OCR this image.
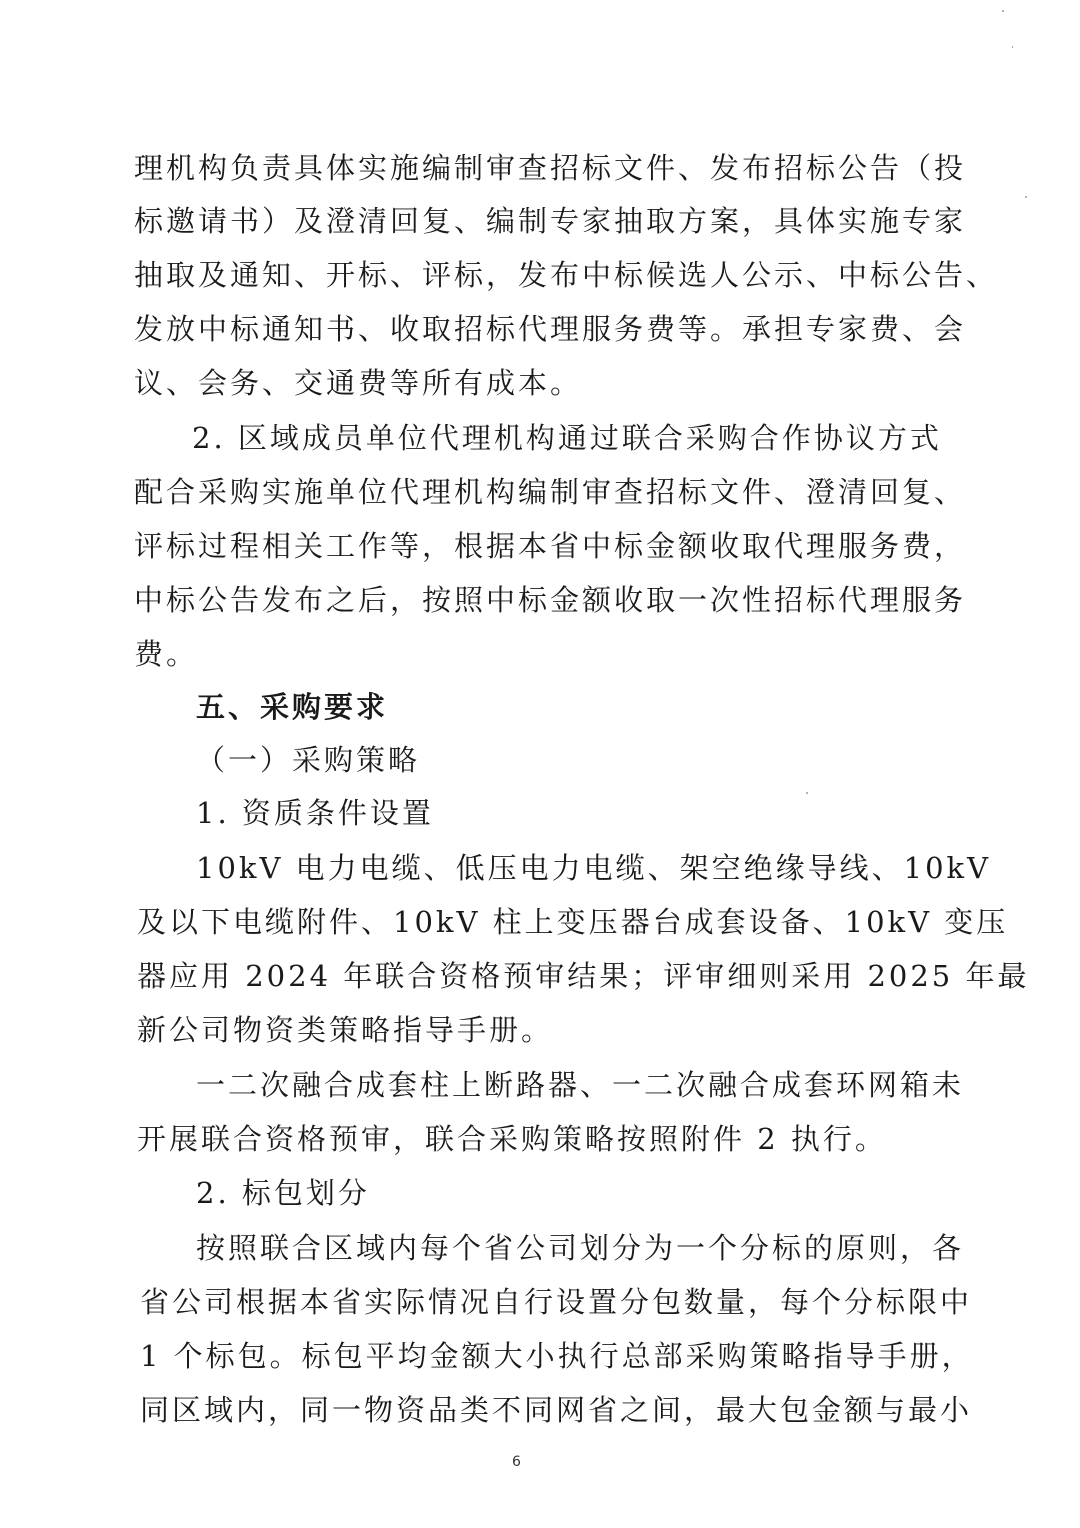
理机构负责具体实施编制审查招标文件、发布招标公告（投
标邀请书）及澄清回复、编制专家抽取方案，具体实施专家
抽取及通知、开标、评标，发布中标候选人公示、中标公告、
发放中标通知书、收取招标代理服务费等。承担专家费、会
议、会务、交通费等所有成本。
2. 区域成员单位代理机构通过联合采购合作协议方式
配合采购实施单位代理机构编制审查招标文件、澄清回复、
评标过程相关工作等，根据本省中标金额收取代理服务费，
中标公告发布之后，按照中标金额收取一次性招标代理服务
费。
五、采购要求
（一）采购策略
1. 资质条件设置
10kV 电力电缆、低压电力电缆、架空绝缘导线、10kV
及以下电缆附件、10kV 柱上变压器台成套设备、10kV 变压
器应用 2024 年联合资格预审结果；评审细则采用 2025 年最
新公司物资类策略指导手册。
一二次融合成套柱上断路器、一二次融合成套环网箱未
开展联合资格预审，联合采购策略按照附件 2 执行。
2. 标包划分
按照联合区域内每个省公司划分为一个分标的原则，各
省公司根据本省实际情况自行设置分包数量，每个分标限中
1 个标包。标包平均金额大小执行总部采购策略指导手册，
同区域内，同一物资品类不同网省之间，最大包金额与最小
6
